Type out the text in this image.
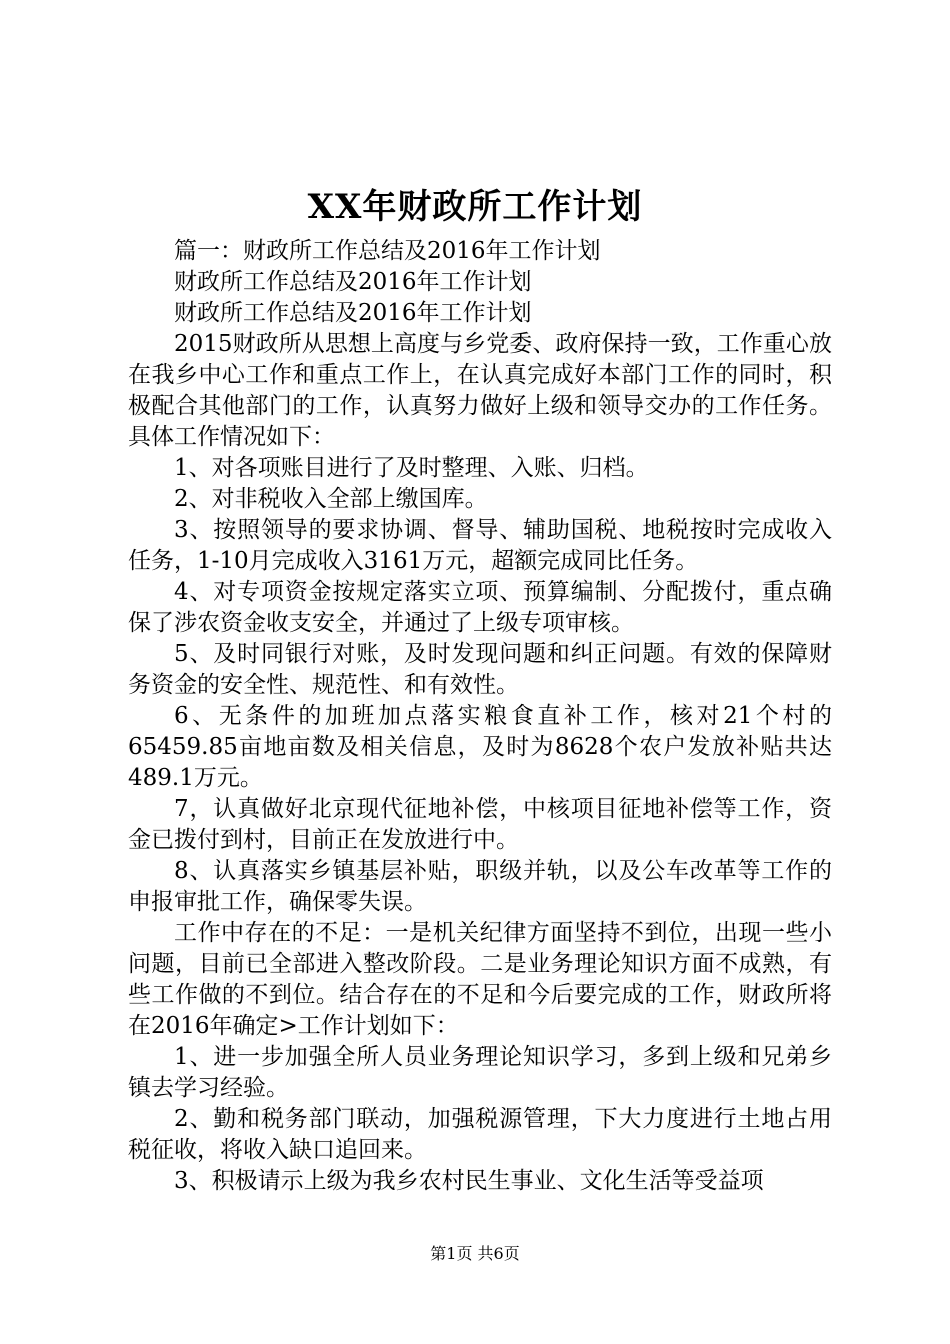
XX年财政所工作计划

篇一：财政所工作总结及2016年工作计划

财政所工作总结及2016年工作计划

财政所工作总结及2016年工作计划

2015财政所从思想上高度与乡党委、政府保持一致，工作重心放在我乡中心工作和重点工作上，在认真完成好本部门工作的同时，积极配合其他部门的工作，认真努力做好上级和领导交办的工作任务。具体工作情况如下：

1、对各项账目进行了及时整理、入账、归档。

2、对非税收入全部上缴国库。

3、按照领导的要求协调、督导、辅助国税、地税按时完成收入任务，1-10月完成收入3161万元，超额完成同比任务。

4、对专项资金按规定落实立项、预算编制、分配拨付，重点确保了涉农资金收支安全，并通过了上级专项审核。

5、及时同银行对账，及时发现问题和纠正问题。有效的保障财务资金的安全性、规范性、和有效性。

6、无条件的加班加点落实粮食直补工作，核对21个村的65459.85亩地亩数及相关信息，及时为8628个农户发放补贴共达489.1万元。

7，认真做好北京现代征地补偿，中核项目征地补偿等工作，资金已拨付到村，目前正在发放进行中。

8、认真落实乡镇基层补贴，职级并轨，以及公车改革等工作的申报审批工作，确保零失误。

工作中存在的不足：一是机关纪律方面坚持不到位，出现一些小问题，目前已全部进入整改阶段。二是业务理论知识方面不成熟，有些工作做的不到位。结合存在的不足和今后要完成的工作，财政所将在2016年确定>工作计划如下：

1、进一步加强全所人员业务理论知识学习，多到上级和兄弟乡镇去学习经验。

2、勤和税务部门联动，加强税源管理，下大力度进行土地占用税征收，将收入缺口追回来。

3、积极请示上级为我乡农村民生事业、文化生活等受益项

第1页 共6页
